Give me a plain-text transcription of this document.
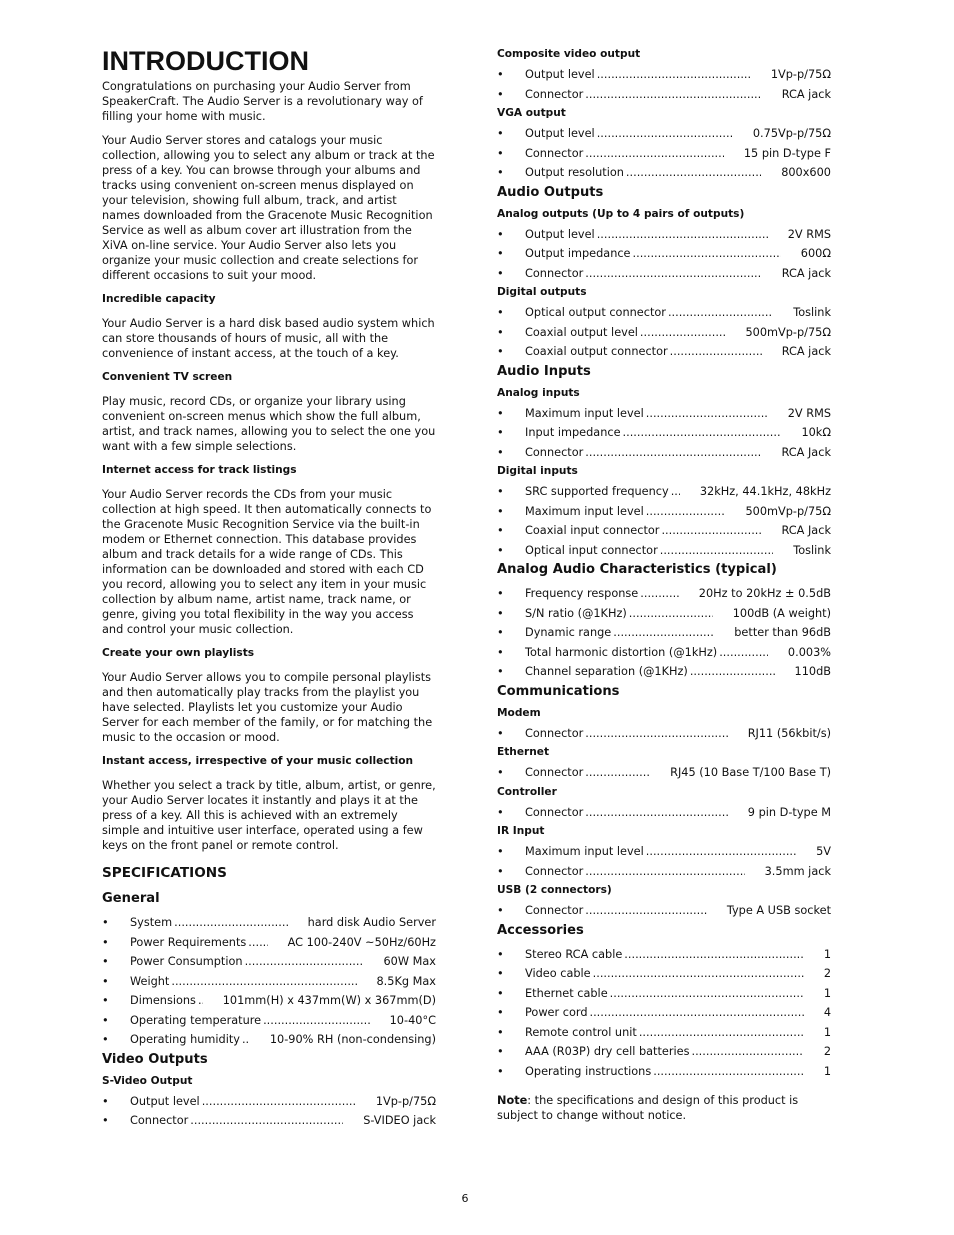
INTRODUCTION

Congratulations on purchasing your Audio Server from SpeakerCraft. The Audio Server is a revolutionary way of filling your home with music.

Your Audio Server stores and catalogs your music collection, allowing you to select any album or track at the press of a key. You can browse through your albums and tracks using convenient on-screen menus displayed on your television, showing full album, track, and artist names downloaded from the Gracenote Music Recognition Service as well as album cover art illustration from the XiVA on-line service. Your Audio Server also lets you organize your music collection and create selections for different occasions to suit your mood.

Incredible capacity

Your Audio Server is a hard disk based audio system which can store thousands of hours of music, all with the convenience of instant access, at the touch of a key.

Convenient TV screen

Play music, record CDs, or organize your library using convenient on-screen menus which show the full album, artist, and track names, allowing you to select the one you want with a few simple selections.

Internet access for track listings

Your Audio Server records the CDs from your music collection at high speed. It then automatically connects to the Gracenote Music Recognition Service via the built-in modem or Ethernet connection. This database provides album and track details for a wide range of CDs. This information can be downloaded and stored with each CD you record, allowing you to select any item in your music collection by album name, artist name, track name, or genre, giving you total flexibility in the way you access and control your music collection.

Create your own playlists

Your Audio Server allows you to compile personal playlists and then automatically play tracks from the playlist you have selected. Playlists let you customize your Audio Server for each member of the family, or for matching the music to the occasion or mood.

Instant access, irrespective of your music collection

Whether you select a track by title, album, artist, or genre, your Audio Server locates it instantly and plays it at the press of a key. All this is achieved with an extremely simple and intuitive user interface, operated using a few keys on the front panel or remote control.

SPECIFICATIONS
General
•	System .....	hard disk Audio Server
•	Power Requirements .....	AC 100-240V ~50Hz/60Hz
•	Power Consumption .....	60W Max
•	Weight .....	8.5Kg Max
•	Dimensions ..... 101mm(H) x 437mm(W) x 367mm(D)
•	Operating temperature .....	10-40°C
•	Operating humidity .....	10-90% RH (non-condensing)
Video Outputs
S-Video Output
•	Output level .....	1Vp-p/75Ω
•	Connector .....	S-VIDEO jack
Composite video output
•	Output level .....	1Vp-p/75Ω
•	Connector .....	RCA jack
VGA output
•	Output level .....	0.75Vp-p/75Ω
•	Connector .....	15 pin D-type F
•	Output resolution .....	800x600
Audio Outputs
Analog outputs (Up to 4 pairs of outputs)
•	Output level .....	2V RMS
•	Output impedance .....	600Ω
•	Connector .....	RCA jack
Digital outputs
•	Optical output connector .....	Toslink
•	Coaxial output level .....	500mVp-p/75Ω
•	Coaxial output connector .....	RCA jack
Audio Inputs
Analog inputs
•	Maximum input level .....	2V RMS
•	Input impedance .....	10kΩ
•	Connector .....	RCA Jack
Digital inputs
•	SRC supported frequency .....	32kHz, 44.1kHz, 48kHz
•	Maximum input level .....	500mVp-p/75Ω
•	Coaxial input connector .....	RCA Jack
•	Optical input connector .....	Toslink
Analog Audio Characteristics (typical)
•	Frequency response .....	20Hz to 20kHz ± 0.5dB
•	S/N ratio (@1KHz) .....	100dB (A weight)
•	Dynamic range .....	better than 96dB
•	Total harmonic distortion (@1kHz) .....	0.003%
•	Channel separation (@1KHz) .....	110dB
Communications
Modem
•	Connector .....	RJ11 (56kbit/s)
Ethernet
•	Connector .....	RJ45 (10 Base T/100 Base T)
Controller
•	Connector .....	9 pin D-type M
IR Input
•	Maximum input level .....	5V
•	Connector .....	3.5mm jack
USB (2 connectors)
•	Connector .....	Type A USB socket
Accessories
•	Stereo RCA cable .....	1
•	Video cable .....	2
•	Ethernet cable .....	1
•	Power cord .....	4
•	Remote control unit .....	1
•	AAA (R03P) dry cell batteries .....	2
•	Operating instructions .....	1
Note: the specifications and design of this product is subject to change without notice.
6
